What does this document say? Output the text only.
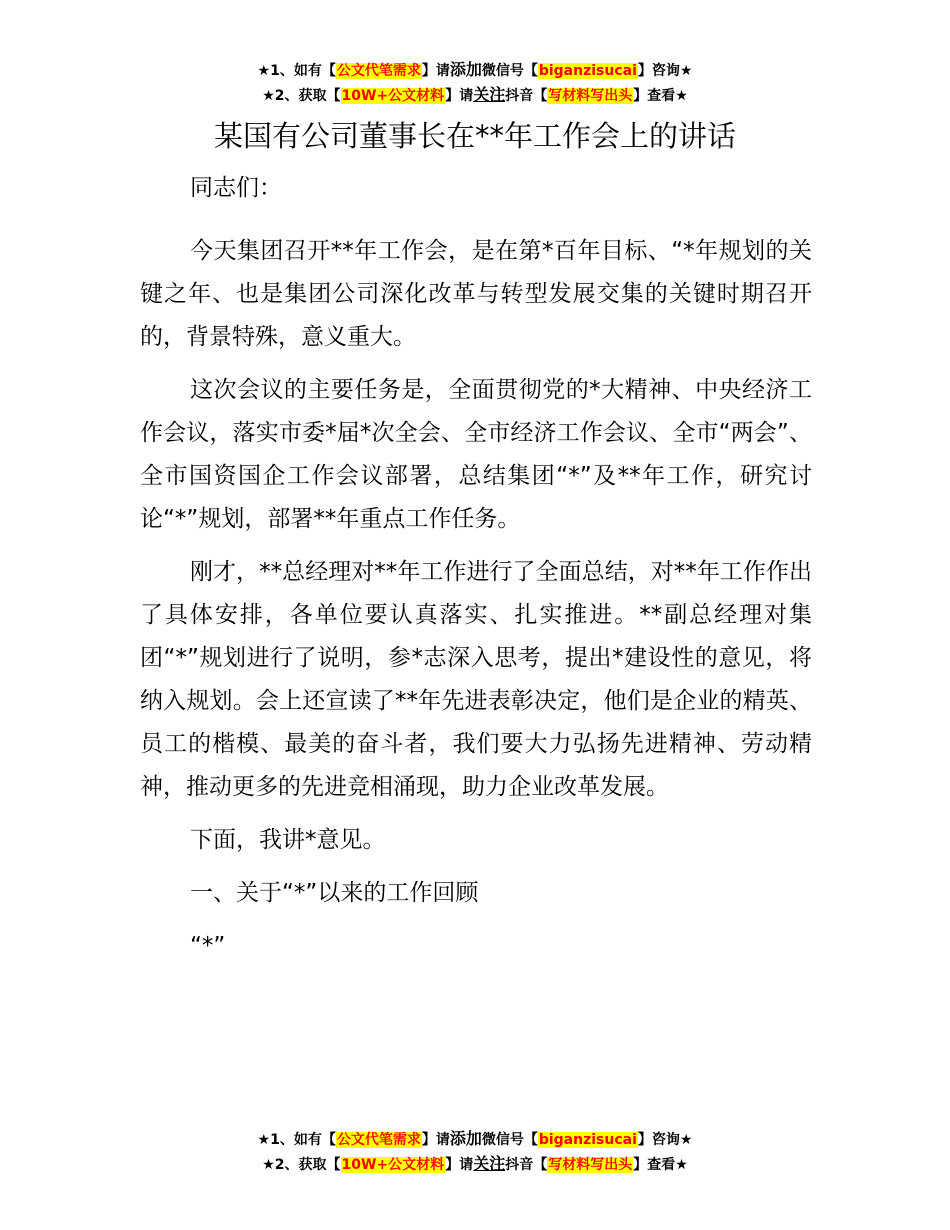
★1、如有【公文代笔需求】请添加微信号【biganzisucai】咨询★
★2、获取【10W+公文材料】请关注抖音【写材料写出头】查看★
某国有公司董事长在**年工作会上的讲话

同志们：

今天集团召开**年工作会，是在第*百年目标、“*年规划的关键之年、也是集团公司深化改革与转型发展交集的关键时期召开的，背景特殊，意义重大。

这次会议的主要任务是，全面贯彻党的*大精神、中央经济工作会议，落实市委*届*次全会、全市经济工作会议、全市“两会”、全市国资国企工作会议部署，总结集团“*”及**年工作，研究讨论“*”规划，部署**年重点工作任务。

刚才，**总经理对**年工作进行了全面总结，对**年工作作出了具体安排，各单位要认真落实、扎实推进。**副总经理对集团“*”规划进行了说明，参*志深入思考，提出*建设性的意见，将纳入规划。会上还宣读了**年先进表彰决定，他们是企业的精英、员工的楷模、最美的奋斗者，我们要大力弘扬先进精神、劳动精神，推动更多的先进竞相涌现，助力企业改革发展。

下面，我讲*意见。

一、关于“*”以来的工作回顾

“*”

★1、如有【公文代笔需求】请添加微信号【biganzisucai】咨询★
★2、获取【10W+公文材料】请关注抖音【写材料写出头】查看★
